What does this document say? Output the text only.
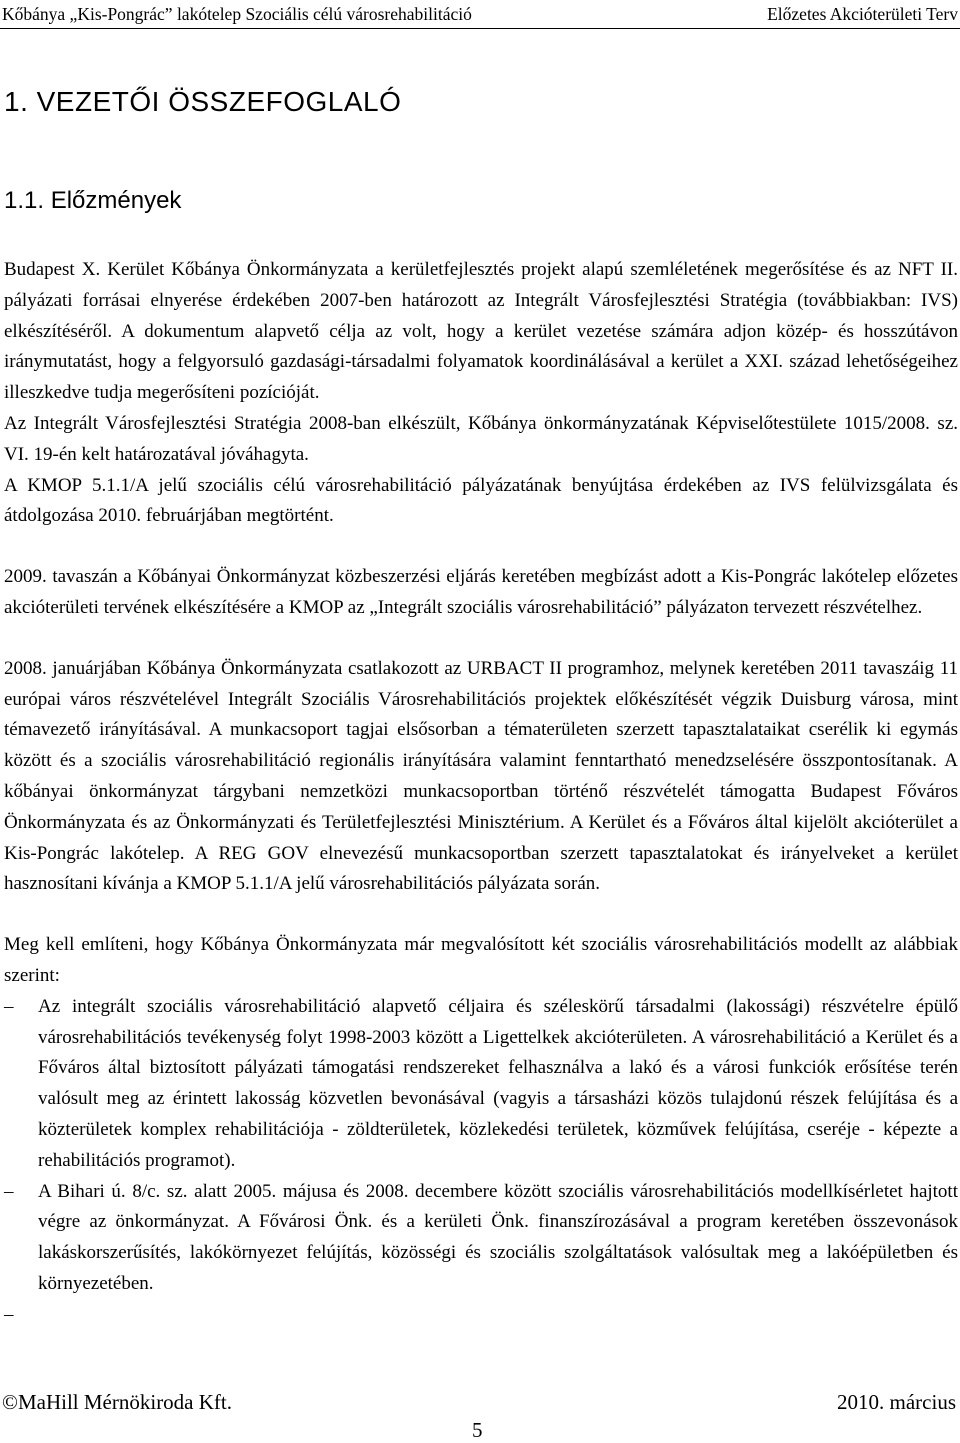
Kőbánya „Kis-Pongrác” lakótelep Szociális célú városrehabilitáció	Előzetes Akcióterületi Terv
1. VEZETŐI ÖSSZEFOGLALÓ
1.1. Előzmények

Budapest X. Kerület Kőbánya Önkormányzata a kerületfejlesztés projekt alapú szemléletének megerősítése és az NFT II. pályázati forrásai elnyerése érdekében 2007-ben határozott az Integrált Városfejlesztési Stratégia (továbbiakban: IVS) elkészítéséről. A dokumentum alapvető célja az volt, hogy a kerület vezetése számára adjon közép- és hosszútávon iránymutatást, hogy a felgyorsuló gazdasági-társadalmi folyamatok koordinálásával a kerület a XXI. század lehetőségeihez illeszkedve tudja megerősíteni pozícióját.

Az Integrált Városfejlesztési Stratégia 2008-ban elkészült, Kőbánya önkormányzatának Képviselőtestülete 1015/2008. sz. VI. 19-én kelt határozatával jóváhagyta.

A KMOP 5.1.1/A jelű szociális célú városrehabilitáció pályázatának benyújtása érdekében az IVS felülvizsgálata és átdolgozása 2010. februárjában megtörtént.

2009. tavaszán a Kőbányai Önkormányzat közbeszerzési eljárás keretében megbízást adott a Kis-Pongrác lakótelep előzetes akcióterületi tervének elkészítésére a KMOP az „Integrált szociális városrehabilitáció” pályázaton tervezett részvételhez.

2008. januárjában Kőbánya Önkormányzata csatlakozott az URBACT II programhoz, melynek keretében 2011 tavaszáig 11 európai város részvételével Integrált Szociális Városrehabilitációs projektek előkészítését végzik Duisburg városa, mint témavezető irányításával. A munkacsoport tagjai elsősorban a tématerületen szerzett tapasztalataikat cserélik ki egymás között és a szociális városrehabilitáció regionális irányítására valamint fenntartható menedzselésére összpontosítanak. A kőbányai önkormányzat tárgybani nemzetközi munkacsoportban történő részvételét támogatta Budapest Főváros Önkormányzata és az Önkormányzati és Területfejlesztési Minisztérium. A Kerület és a Főváros által kijelölt akcióterület a Kis-Pongrác lakótelep. A REG GOV elnevezésű munkacsoportban szerzett tapasztalatokat és irányelveket a kerület hasznosítani kívánja a KMOP 5.1.1/A jelű városrehabilitációs pályázata során.

Meg kell említeni, hogy Kőbánya Önkormányzata már megvalósított két szociális városrehabilitációs modellt az alábbiak szerint:

– Az integrált szociális városrehabilitáció alapvető céljaira és széleskörű társadalmi (lakossági) részvételre épülő városrehabilitációs tevékenység folyt 1998-2003 között a Ligettelkek akcióterületen. A városrehabilitáció a Kerület és a Főváros által biztosított pályázati támogatási rendszereket felhasználva a lakó és a városi funkciók erősítése terén valósult meg az érintett lakosság közvetlen bevonásával (vagyis a társasházi közös tulajdonú részek felújítása és a közterületek komplex rehabilitációja - zöldterületek, közlekedési területek, közművek felújítása, cseréje - képezte a rehabilitációs programot).
– A Bihari ú. 8/c. sz. alatt 2005. májusa és 2008. decembere között szociális városrehabilitációs modellkísérletet hajtott végre az önkormányzat. A Fővárosi Önk. és a kerületi Önk. finanszírozásával a program keretében összevonások lakáskorszerűsítés, lakókörnyezet felújítás, közösségi és szociális szolgáltatások valósultak meg a lakóépületben és környezetében.
–

©MaHill Mérnökiroda Kft.	2010. március
5
